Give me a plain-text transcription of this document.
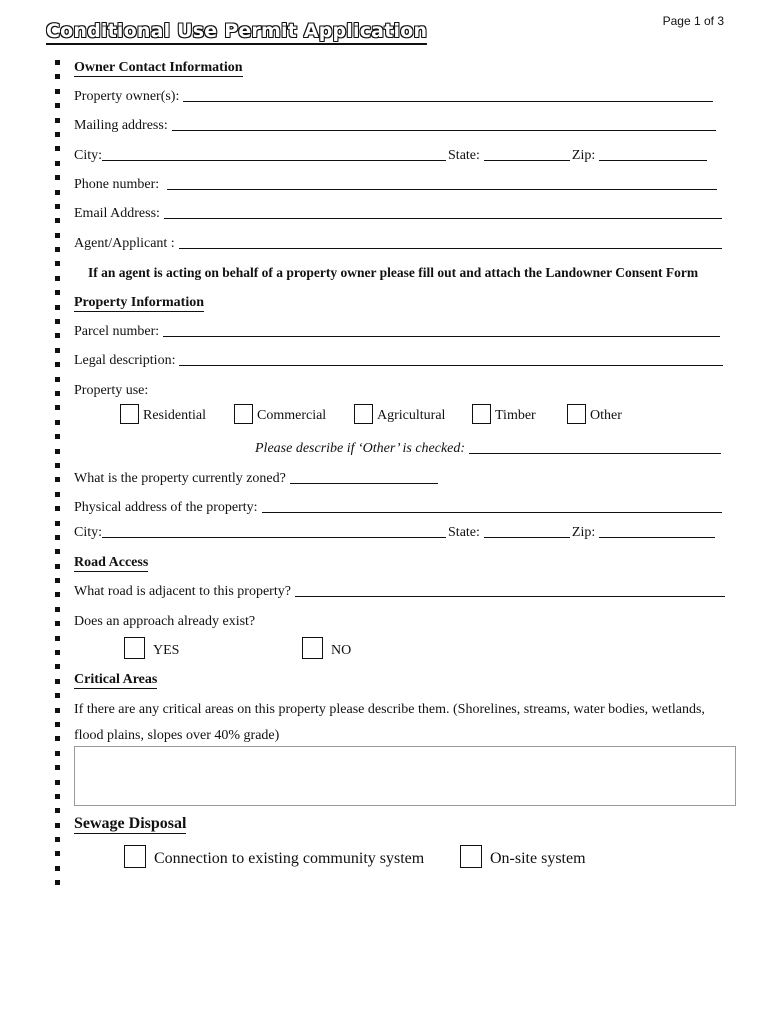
Conditional Use Permit Application	Page 1 of 3
Owner Contact Information
Property owner(s):
Mailing address:
City:	State:	Zip:
Phone number:
Email Address:
Agent/Applicant :
If an agent is acting on behalf of a property owner please fill out and attach the Landowner Consent Form
Property Information
Parcel number:
Legal description:
Property use:
Residential	Commercial	Agricultural	Timber	Other
Please describe if ‘Other’ is checked:
What is the property currently zoned?
Physical address of the property:
City:	State:	Zip:
Road Access
What road is adjacent to this property?
Does an approach already exist?
YES	NO
Critical Areas
If there are any critical areas on this property please describe them. (Shorelines, streams, water bodies, wetlands,
flood plains, slopes over 40% grade)
Sewage Disposal
Connection to existing community system	On-site system
